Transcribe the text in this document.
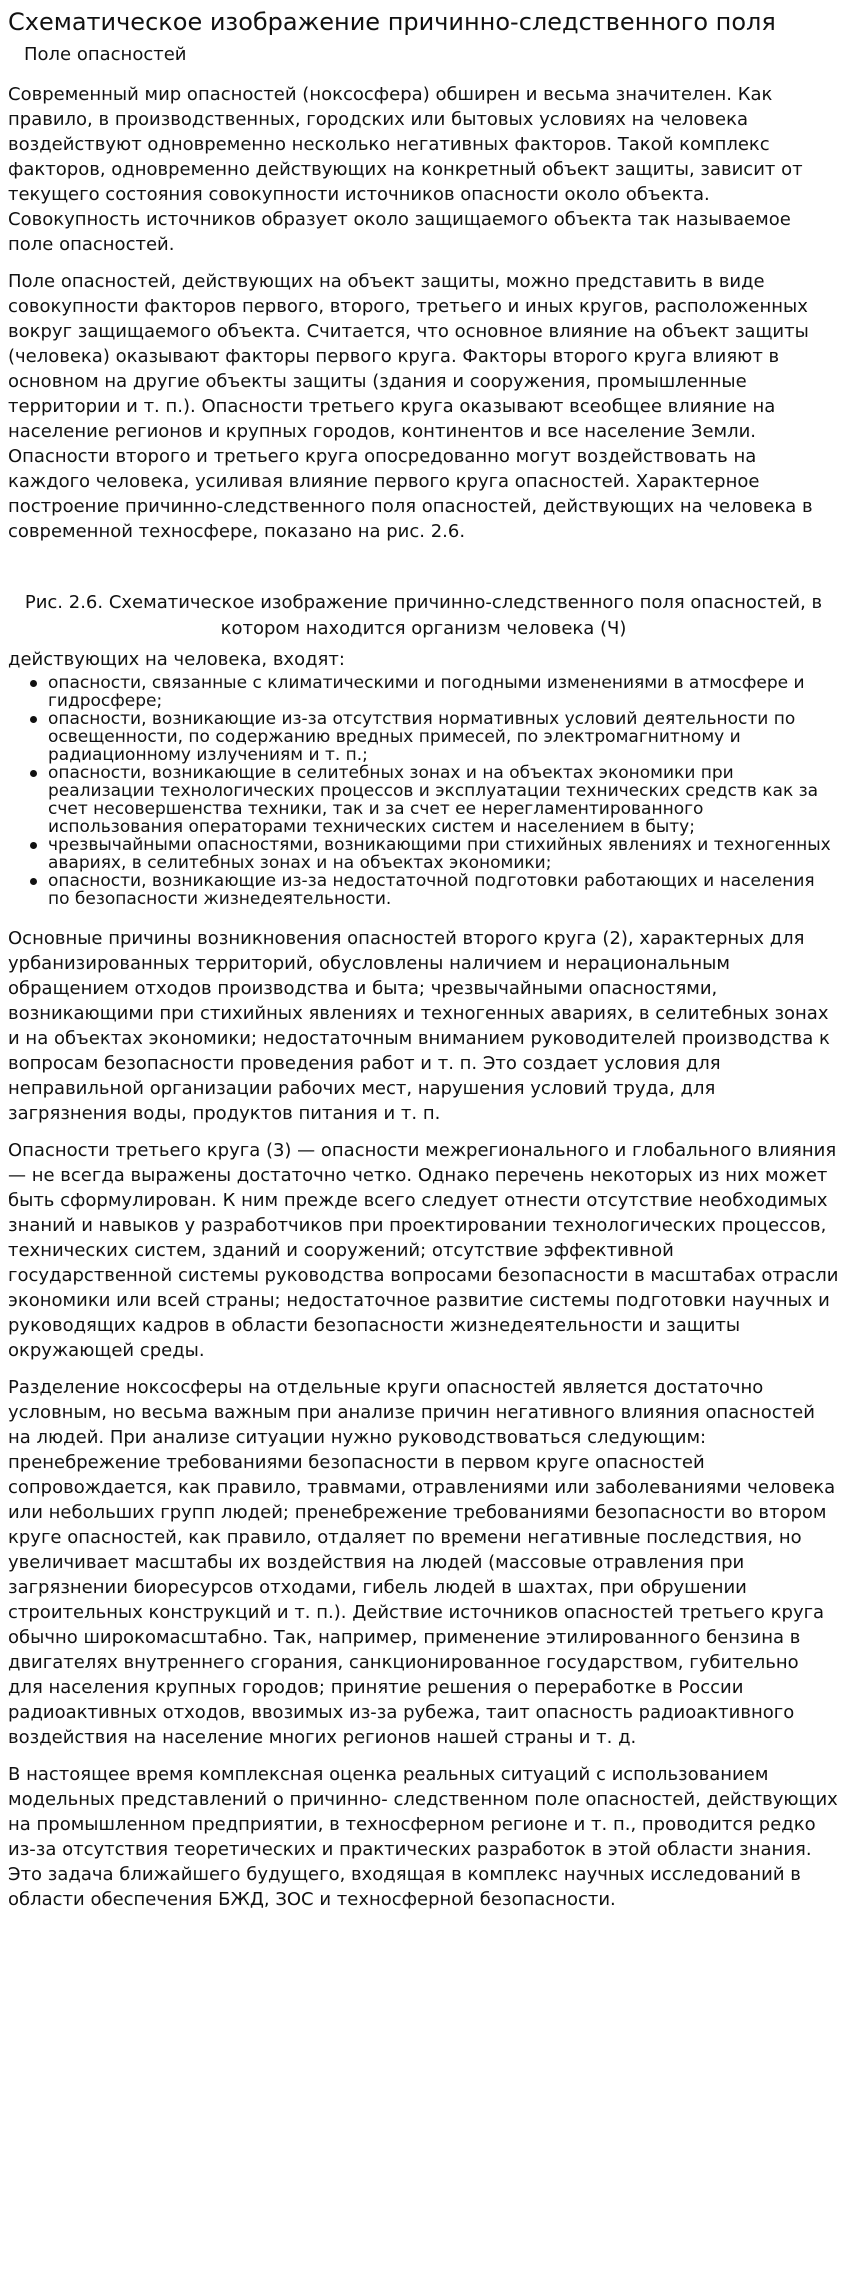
Схематическое изображение причинно-следственного поля
Поле опасностей

Современный мир опасностей (ноксосфера) обширен и весьма значителен. Как правило, в производственных, городских или бытовых условиях на человека воздействуют одновременно несколько негативных факторов. Такой комплекс факторов, одновременно действующих на конкретный объект защиты, зависит от текущего состояния совокупности источников опасности около объекта. Совокупность источников образует около защищаемого объекта так называемое поле опасностей.

Поле опасностей, действующих на объект защиты, можно представить в виде совокупности факторов первого, второго, третьего и иных кругов, расположенных вокруг защищаемого объекта. Считается, что основное влияние на объект защиты (человека) оказывают факторы первого круга. Факторы второго круга влияют в основном на другие объекты защиты (здания и сооружения, промышленные территории и т. п.). Опасности третьего круга оказывают всеобщее влияние на население регионов и крупных городов, континентов и все население Земли. Опасности второго и третьего круга опосредованно могут воздействовать на каждого человека, усиливая влияние первого круга опасностей. Характерное построение причинно-следственного поля опасностей, действующих на человека в современной техносфере, показано на рис. 2.6.

Рис. 2.6. Схематическое изображение причинно-следственного поля опасностей, в котором находится организм человека (Ч)
действующих на человека, входят:
опасности, связанные с климатическими и погодными изменениями в атмосфере и гидросфере;
опасности, возникающие из-за отсутствия нормативных условий деятельности по освещенности, по содержанию вредных примесей, по электромагнитному и радиационному излучениям и т. п.;
опасности, возникающие в селитебных зонах и на объектах экономики при реализации технологических процессов и эксплуатации технических средств как за счет несовершенства техники, так и за счет ее нерегламентированного использования операторами технических систем и населением в быту;
чрезвычайными опасностями, возникающими при стихийных явлениях и техногенных авариях, в селитебных зонах и на объектах экономики;
опасности, возникающие из-за недостаточной подготовки работающих и населения по безопасности жизнедеятельности.

Основные причины возникновения опасностей второго круга (2), характерных для урбанизированных территорий, обусловлены наличием и нерациональным обращением отходов производства и быта; чрезвычайными опасностями, возникающими при стихийных явлениях и техногенных авариях, в селитебных зонах и на объектах экономики; недостаточным вниманием руководителей производства к вопросам безопасности проведения работ и т. п. Это создает условия для неправильной организации рабочих мест, нарушения условий труда, для загрязнения воды, продуктов питания и т. п.

Опасности третьего круга (3) — опасности межрегионального и глобального влияния — не всегда выражены достаточно четко. Однако перечень некоторых из них может быть сформулирован. К ним прежде всего следует отнести отсутствие необходимых знаний и навыков у разработчиков при проектировании технологических процессов, технических систем, зданий и сооружений; отсутствие эффективной государственной системы руководства вопросами безопасности в масштабах отрасли экономики или всей страны; недостаточное развитие системы подготовки научных и руководящих кадров в области безопасности жизнедеятельности и защиты окружающей среды.

Разделение ноксосферы на отдельные круги опасностей является достаточно условным, но весьма важным при анализе причин негативного влияния опасностей на людей. При анализе ситуации нужно руководствоваться следующим: пренебрежение требованиями безопасности в первом круге опасностей сопровождается, как правило, травмами, отравлениями или заболеваниями человека или небольших групп людей; пренебрежение требованиями безопасности во втором круге опасностей, как правило, отдаляет по времени негативные последствия, но увеличивает масштабы их воздействия на людей (массовые отравления при загрязнении биоресурсов отходами, гибель людей в шахтах, при обрушении строительных конструкций и т. п.). Действие источников опасностей третьего круга обычно широкомасштабно. Так, например, применение этилированного бензина в двигателях внутреннего сгорания, санкционированное государством, губительно для населения крупных городов; принятие решения о переработке в России радиоактивных отходов, ввозимых из-за рубежа, таит опасность радиоактивного воздействия на население многих регионов нашей страны и т. д.

В настоящее время комплексная оценка реальных ситуаций с использованием модельных представлений о причинно- следственном поле опасностей, действующих на промышленном предприятии, в техносферном регионе и т. п., проводится редко из-за отсутствия теоретических и практических разработок в этой области знания. Это задача ближайшего будущего, входящая в комплекс научных исследований в области обеспечения БЖД, ЗОС и техносферной безопасности.
